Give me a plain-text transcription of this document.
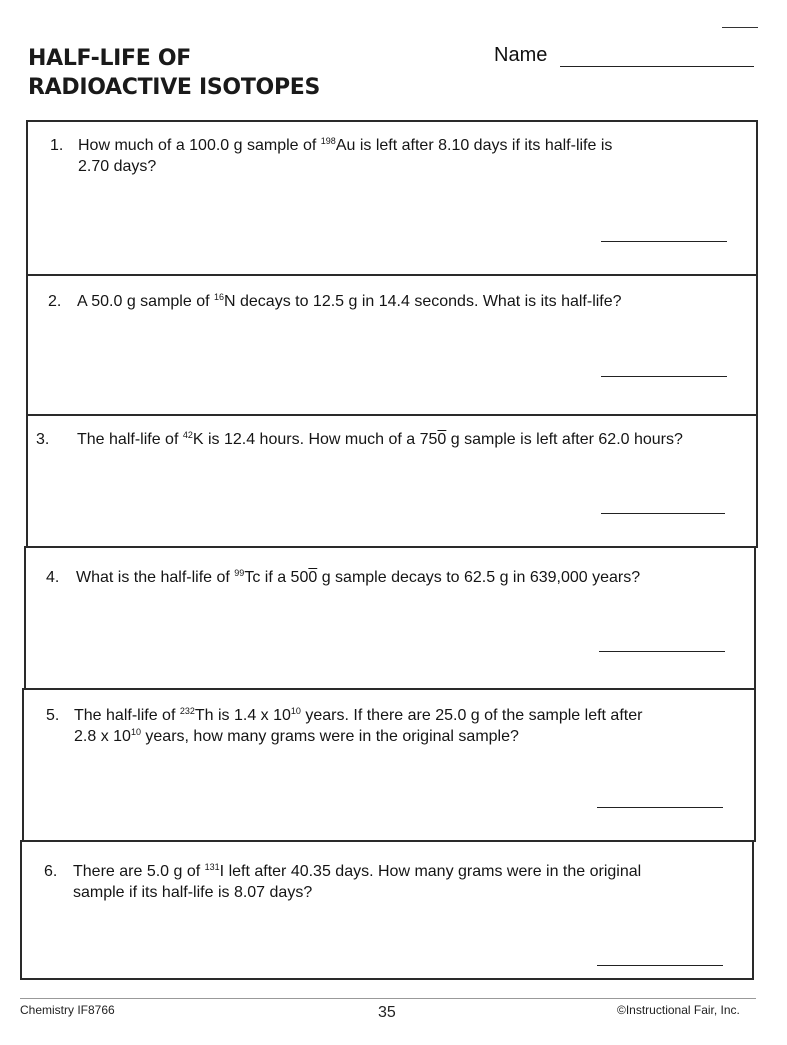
HALF-LIFE OF
RADIOACTIVE ISOTOPES
Name
1. How much of a 100.0 g sample of $^{198}$Au is left after 8.10 days if its half-life is
2.70 days?
2. A 50.0 g sample of $^{16}$N decays to 12.5 g in 14.4 seconds. What is its half-life?
3. The half-life of $^{42}$K is 12.4 hours. How much of a 750 g sample is left after 62.0 hours?
4. What is the half-life of $^{99}$Tc if a 500 g sample decays to 62.5 g in 639,000 years?
5. The half-life of $^{232}$Th is 1.4 x $10^{10}$ years. If there are 25.0 g of the sample left after
2.8 x $10^{10}$ years, how many grams were in the original sample?
6. There are 5.0 g of $^{131}$I left after 40.35 days. How many grams were in the original
sample if its half-life is 8.07 days?
Chemistry IF8766	35	©Instructional Fair, Inc.
